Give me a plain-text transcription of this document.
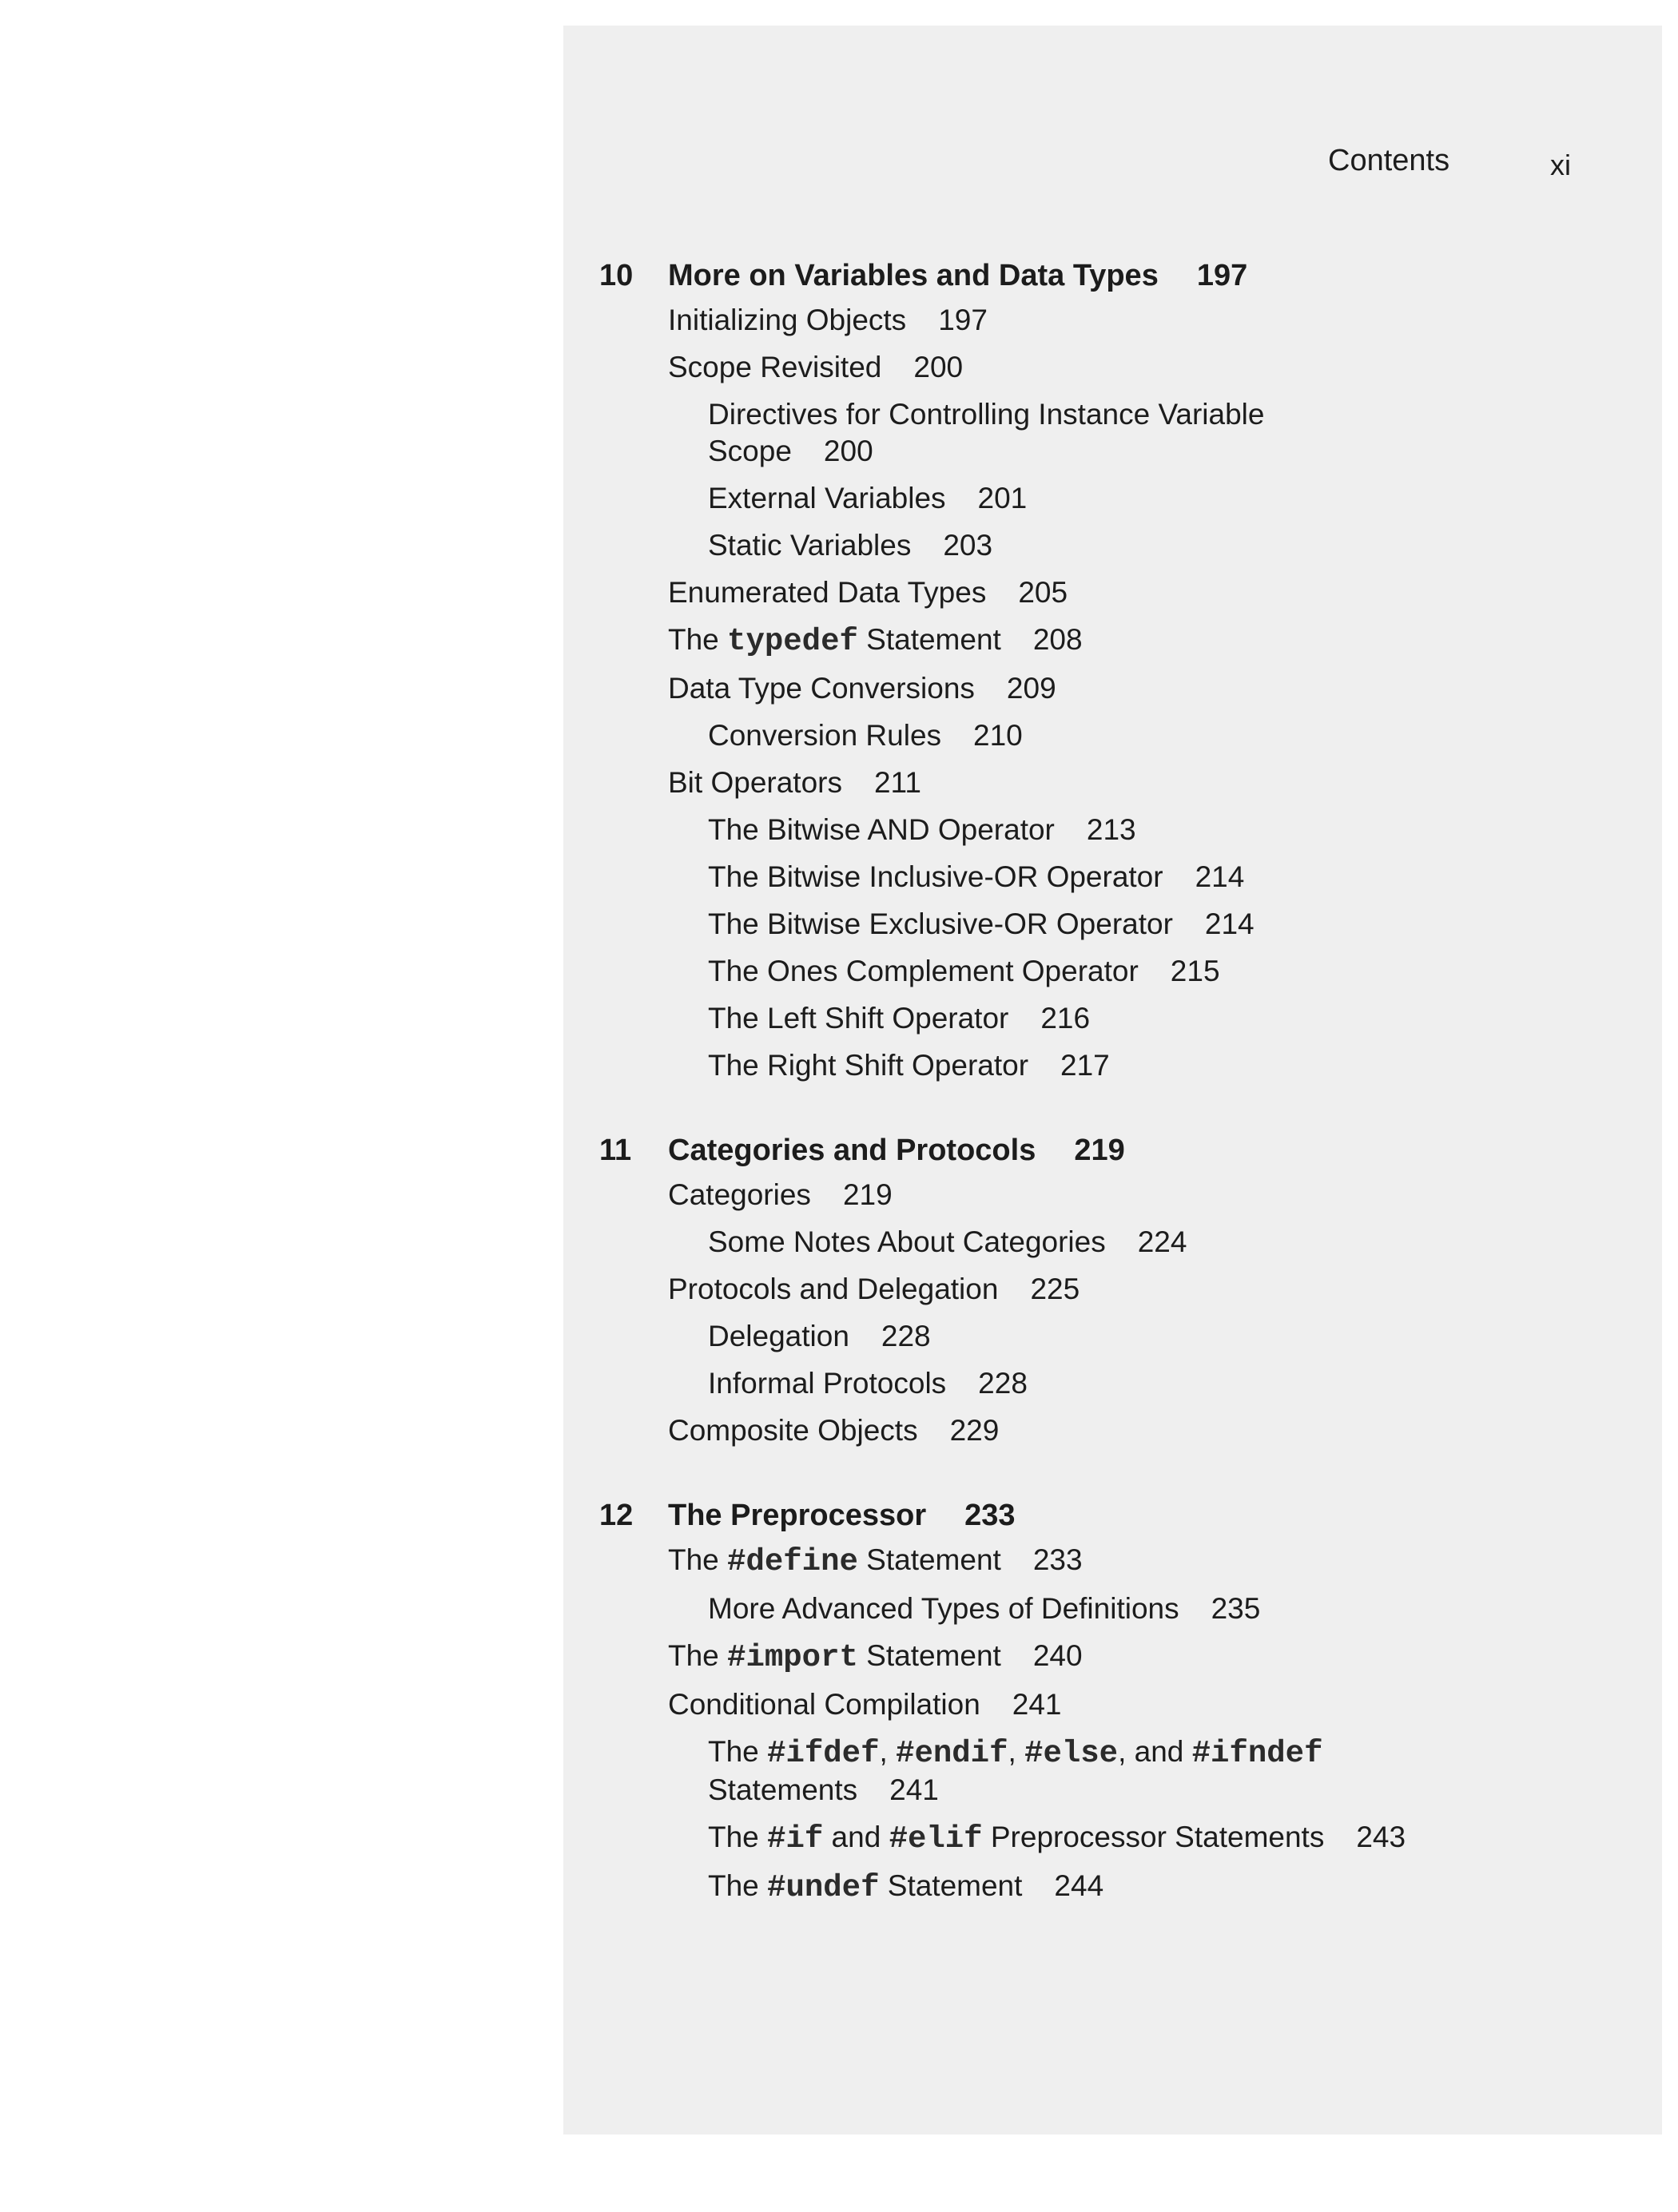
Contents	xi
10	More on Variables and Data Types 197
Initializing Objects 197
Scope Revisited 200
Directives for Controlling Instance Variable Scope 200
External Variables 201
Static Variables 203
Enumerated Data Types 205
The typedef Statement 208
Data Type Conversions 209
Conversion Rules 210
Bit Operators 211
The Bitwise AND Operator 213
The Bitwise Inclusive-OR Operator 214
The Bitwise Exclusive-OR Operator 214
The Ones Complement Operator 215
The Left Shift Operator 216
The Right Shift Operator 217
11	Categories and Protocols 219
Categories 219
Some Notes About Categories 224
Protocols and Delegation 225
Delegation 228
Informal Protocols 228
Composite Objects 229
12	The Preprocessor 233
The #define Statement 233
More Advanced Types of Definitions 235
The #import Statement 240
Conditional Compilation 241
The #ifdef, #endif, #else, and #ifndef Statements 241
The #if and #elif Preprocessor Statements 243
The #undef Statement 244
